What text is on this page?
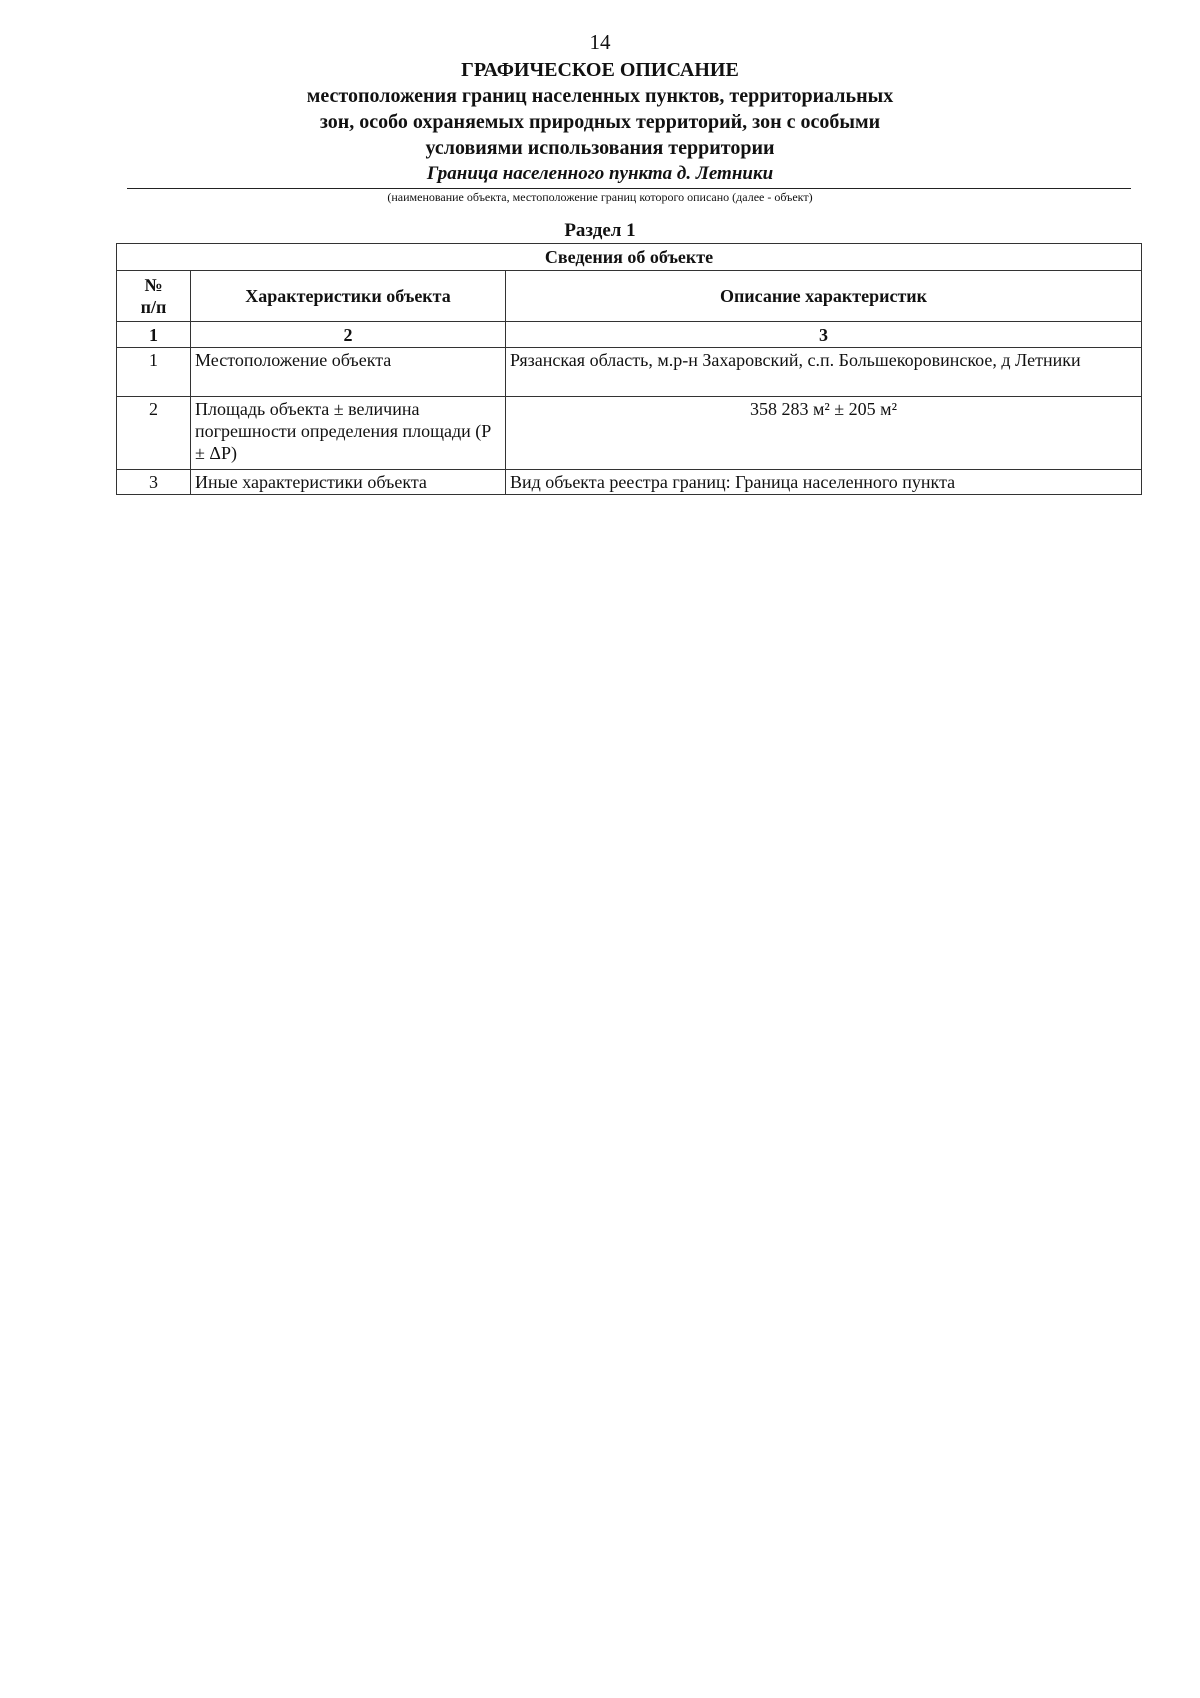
14
ГРАФИЧЕСКОЕ ОПИСАНИЕ
местоположения границ населенных пунктов, территориальных
зон, особо охраняемых природных территорий, зон с особыми
условиями использования территории
Граница населенного пункта д. Летники
(наименование объекта, местоположение границ которого описано (далее - объект)
Раздел 1
Сведения об объекте		
№
п/п	Характеристики объекта	Описание характеристик
1	2	3
1	Местоположение объекта	Рязанская область, м.р-н Захаровский, с.п. Большекоровинское, д Летники
2	Площадь объекта ± величина погрешности определения площади (P ± ΔP)	358 283 м² ± 205 м²
3	Иные характеристики объекта	Вид объекта реестра границ: Граница населенного пункта
